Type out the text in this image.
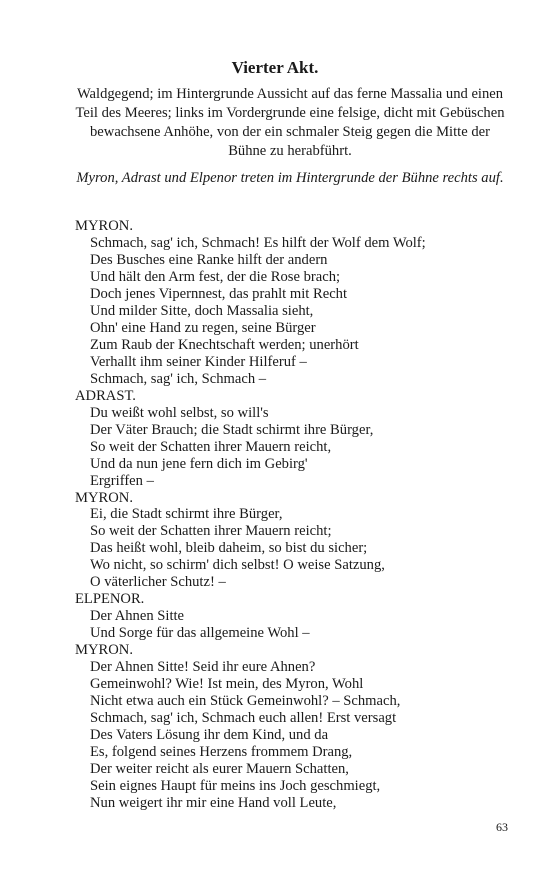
Vierter Akt.
Waldgegend; im Hintergrunde Aussicht auf das ferne Massalia und einen Teil des Meeres; links im Vordergrunde eine felsige, dicht mit Gebüschen bewachsene Anhöhe, von der ein schmaler Steig gegen die Mitte der Bühne zu herabführt.
Myron, Adrast und Elpenor treten im Hintergrunde der Bühne rechts auf.
MYRON.
Schmach, sag' ich, Schmach! Es hilft der Wolf dem Wolf;
Des Busches eine Ranke hilft der andern
Und hält den Arm fest, der die Rose brach;
Doch jenes Vipernnest, das prahlt mit Recht
Und milder Sitte, doch Massalia sieht,
Ohn' eine Hand zu regen, seine Bürger
Zum Raub der Knechtschaft werden; unerhört
Verhallt ihm seiner Kinder Hilferuf –
Schmach, sag' ich, Schmach –
ADRAST.
Du weißt wohl selbst, so will's
Der Väter Brauch; die Stadt schirmt ihre Bürger,
So weit der Schatten ihrer Mauern reicht,
Und da nun jene fern dich im Gebirg'
Ergriffen –
MYRON.
Ei, die Stadt schirmt ihre Bürger,
So weit der Schatten ihrer Mauern reicht;
Das heißt wohl, bleib daheim, so bist du sicher;
Wo nicht, so schirm' dich selbst! O weise Satzung,
O väterlicher Schutz! –
ELPENOR.
Der Ahnen Sitte
Und Sorge für das allgemeine Wohl –
MYRON.
Der Ahnen Sitte! Seid ihr eure Ahnen?
Gemeinwohl? Wie! Ist mein, des Myron, Wohl
Nicht etwa auch ein Stück Gemeinwohl? – Schmach,
Schmach, sag' ich, Schmach euch allen! Erst versagt
Des Vaters Lösung ihr dem Kind, und da
Es, folgend seines Herzens frommem Drang,
Der weiter reicht als eurer Mauern Schatten,
Sein eignes Haupt für meins ins Joch geschmiegt,
Nun weigert ihr mir eine Hand voll Leute,
63
